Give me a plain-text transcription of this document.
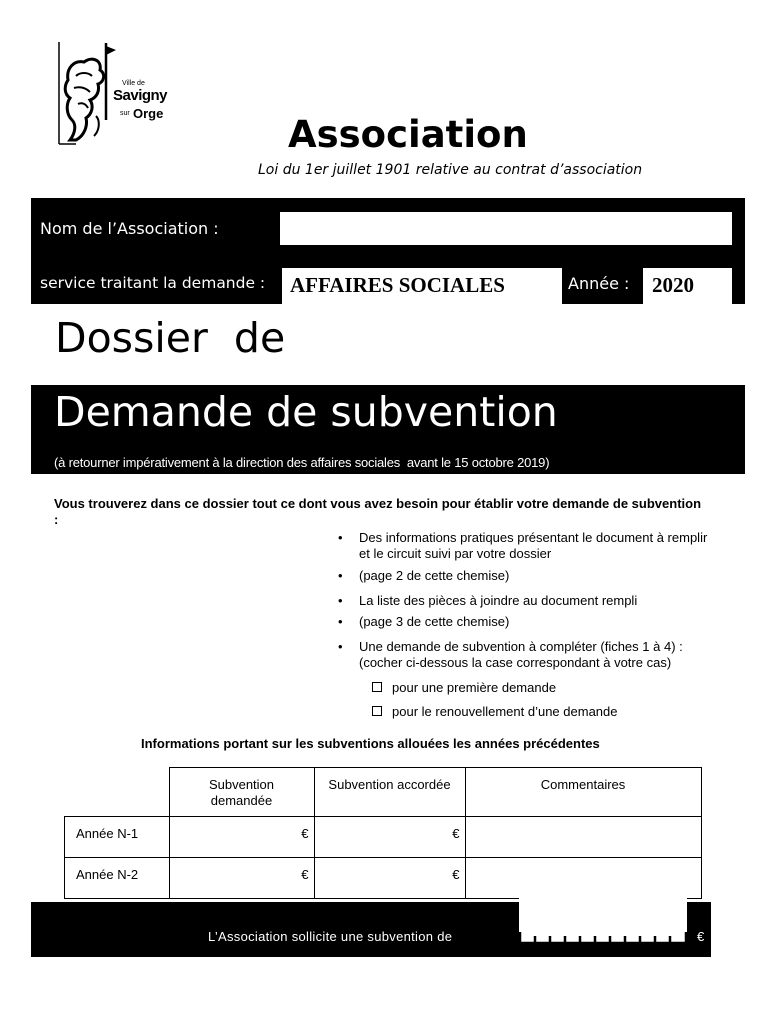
Ville de
Savigny
sur Orge	Association
Loi du 1er juillet 1901 relative au contrat d’association
Nom de l’Association :
service traitant la demande : AFFAIRES SOCIALES	Année : 2020
Dossier  de
Demande de subvention
(à retourner impérativement à la direction des affaires sociales  avant le 15 octobre 2019)
Vous trouverez dans ce dossier tout ce dont vous avez besoin pour établir votre demande de subvention :
• Des informations pratiques présentant le document à remplir et le circuit suivi par votre dossier
• (page 2 de cette chemise)
• La liste des pièces à joindre au document rempli
• (page 3 de cette chemise)
• Une demande de subvention à compléter (fiches 1 à 4) : (cocher ci-dessous la case correspondant à votre cas)
pour une première demande
pour le renouvellement d’une demande
Informations portant sur les subventions allouées les années précédentes
	Subvention demandée	Subvention accordée	Commentaires
Année N-1	€	€	
Année N-2	€	€	
L’Association sollicite une subvention de	€
